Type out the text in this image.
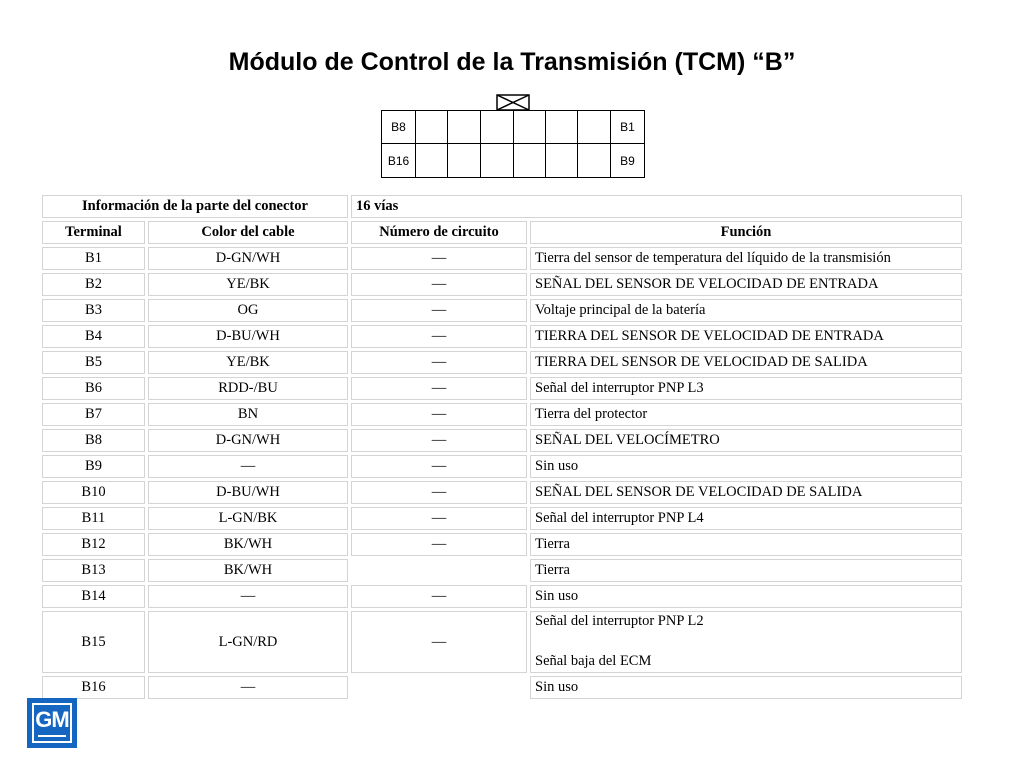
Módulo de Control de la Transmisión (TCM) “B”
B8	B1
B16	B9
Información de la parte del conector		16 vías	
Terminal	Color del cable	Número de circuito	Función
B1	D-GN/WH	—	Tierra del sensor de temperatura del líquido de la transmisión
B2	YE/BK	—	SEÑAL DEL SENSOR DE VELOCIDAD DE ENTRADA
B3	OG	—	Voltaje principal de la batería
B4	D-BU/WH	—	TIERRA DEL SENSOR DE VELOCIDAD DE ENTRADA
B5	YE/BK	—	TIERRA DEL SENSOR DE VELOCIDAD DE SALIDA
B6	RDD-/BU	—	Señal del interruptor PNP L3
B7	BN	—	Tierra del protector
B8	D-GN/WH	—	SEÑAL DEL VELOCÍMETRO
B9	—	—	Sin uso
B10	D-BU/WH	—	SEÑAL DEL SENSOR DE VELOCIDAD DE SALIDA
B11	L-GN/BK	—	Señal del interruptor PNP L4
B12	BK/WH	—	Tierra
B13	BK/WH		Tierra
B14	—	—	Sin uso
B15	L-GN/RD	—	Señal del interruptor PNP L2
Señal baja del ECM

B16	—		Sin uso
GM
